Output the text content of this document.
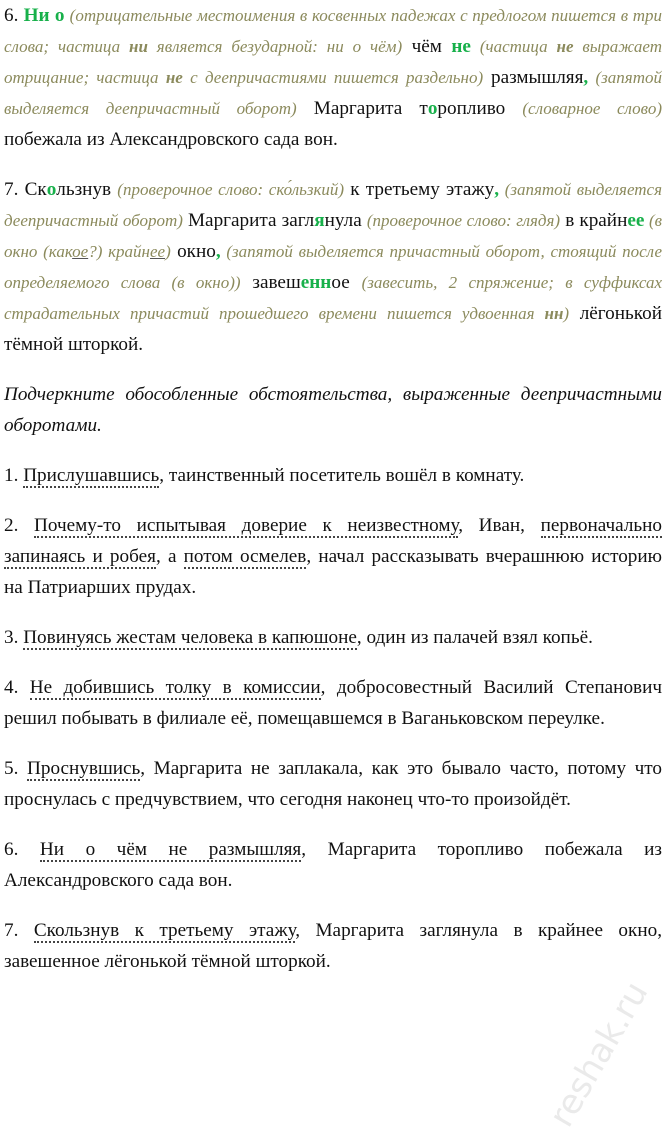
6. Ни о (отрицательные местоимения в косвенных падежах с предлогом пишется в три слова; частица ни является безударной: ни о чём) чём не (частица не выражает отрицание; частица не с деепричастиями пишется раздельно) размышляя, (запятой выделяется деепричастный оборот) Маргарита торопливо (словарное слово) побежала из Александровского сада вон.

7. Скользнув (проверочное слово: ско́льзкий) к третьему этажу, (запятой выделяется деепричастный оборот) Маргарита заглянула (проверочное слово: глядя) в крайнее (в окно (какое?) крайнее) окно, (запятой выделяется причастный оборот, стоящий после определяемого слова (в окно)) завешенное (завесить, 2 спряжение; в суффиксах страдательных причастий прошедшего времени пишется удвоенная нн) лёгонькой тёмной шторкой.

Подчеркните обособленные обстоятельства, выраженные деепричастными оборотами.

1. Прислушавшись, таинственный посетитель вошёл в комнату.

2. Почему-то испытывая доверие к неизвестному, Иван, первоначально запинаясь и робея, а потом осмелев, начал рассказывать вчерашнюю историю на Патриарших прудах.

3. Повинуясь жестам человека в капюшоне, один из палачей взял копьё.

4. Не добившись толку в комиссии, добросовестный Василий Степанович решил побывать в филиале её, помещавшемся в Ваганьковском переулке.

5. Проснувшись, Маргарита не заплакала, как это бывало часто, потому что проснулась с предчувствием, что сегодня наконец что-то произойдёт.

6. Ни о чём не размышляя, Маргарита торопливо побежала из Александровского сада вон.

7. Скользнув к третьему этажу, Маргарита заглянула в крайнее окно, завешенное лёгонькой тёмной шторкой.

reshak.ru
